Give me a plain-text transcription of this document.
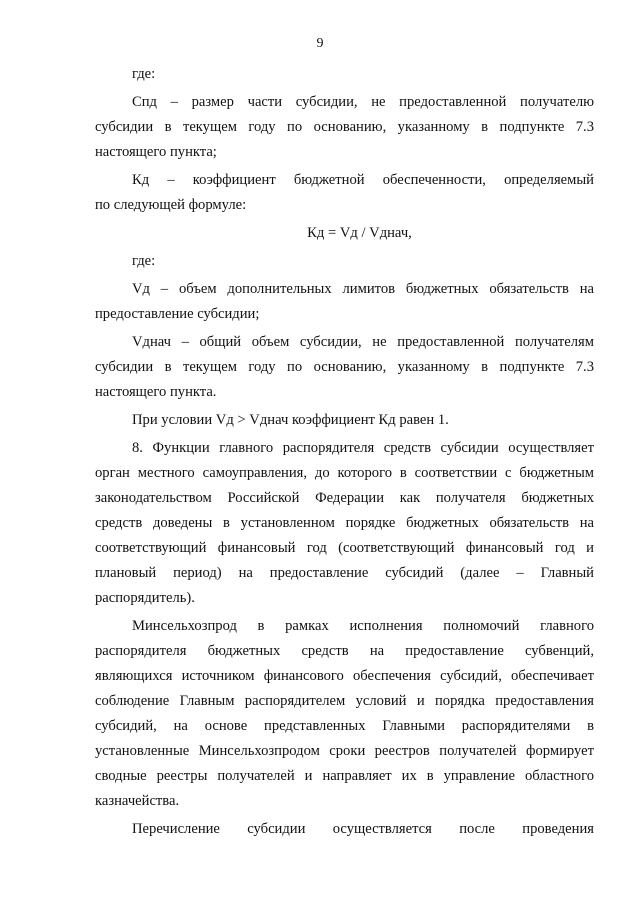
9
где:
Спд – размер части субсидии, не предоставленной получателю
субсидии в текущем году по основанию, указанному в подпункте 7.3
настоящего пункта;
Кд – коэффициент бюджетной обеспеченности, определяемый
по следующей формуле:
Кд = Vд / Vднач,
где:
Vд – объем дополнительных лимитов бюджетных обязательств на
предоставление субсидии;
Vднач – общий объем субсидии, не предоставленной получателям
субсидии в текущем году по основанию, указанному в подпункте 7.3
настоящего пункта.
При условии Vд > Vднач коэффициент Кд равен 1.
8. Функции главного распорядителя средств субсидии осуществляет
орган местного самоуправления, до которого в соответствии с бюджетным
законодательством Российской Федерации как получателя бюджетных
средств доведены в установленном порядке бюджетных обязательств на
соответствующий финансовый год (соответствующий финансовый год и
плановый период) на предоставление субсидий (далее – Главный
распорядитель).
Минсельхозпрод в рамках исполнения полномочий главного
распорядителя бюджетных средств на предоставление субвенций,
являющихся источником финансового обеспечения субсидий, обеспечивает
соблюдение Главным распорядителем условий и порядка предоставления
субсидий, на основе представленных Главными распорядителями в
установленные Минсельхозпродом сроки реестров получателей формирует
сводные реестры получателей и направляет их в управление областного
казначейства.
Перечисление субсидии осуществляется после проведения
